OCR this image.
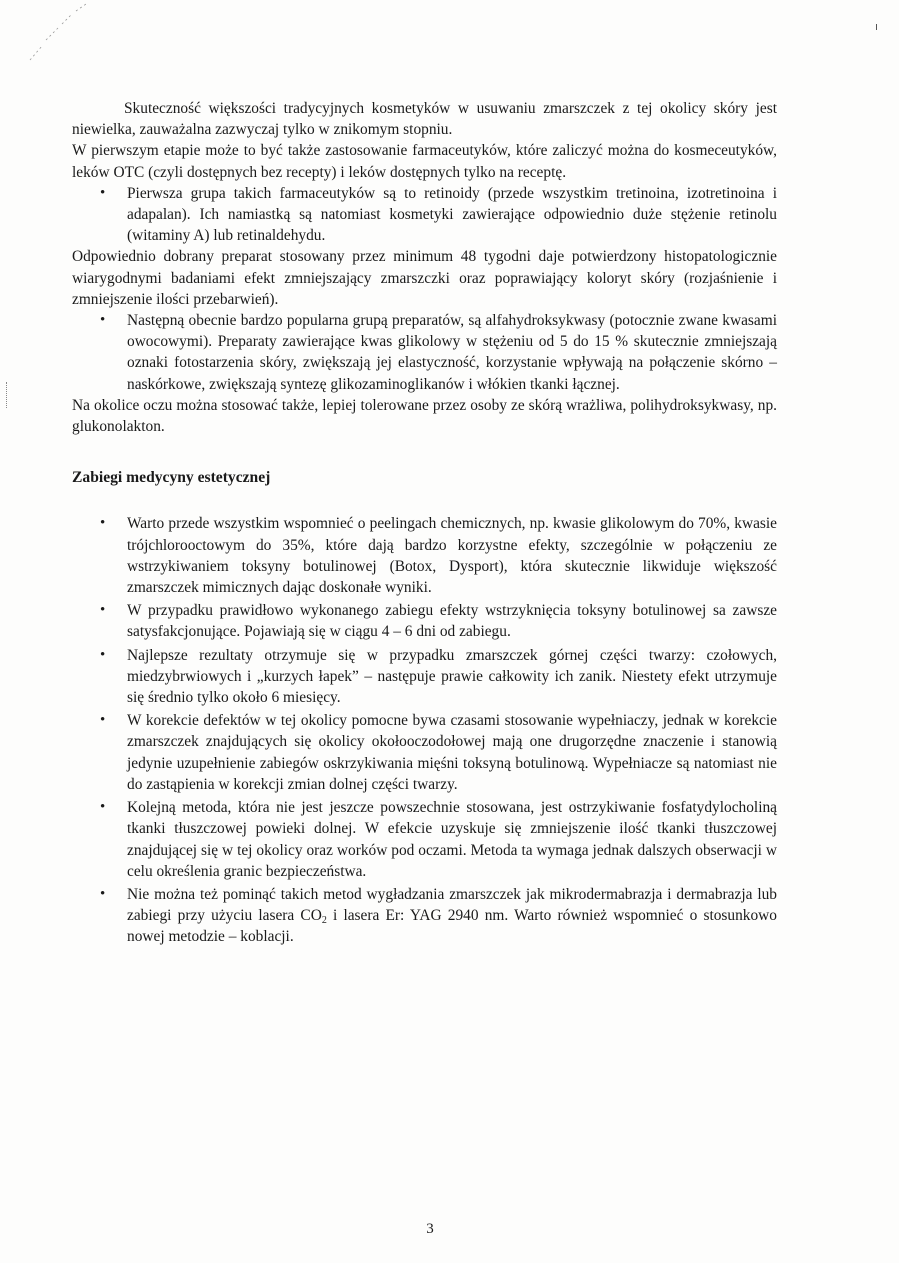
Skuteczność większości tradycyjnych kosmetyków w usuwaniu zmarszczek z tej okolicy skóry jest niewielka, zauważalna zazwyczaj tylko w znikomym stopniu.

W pierwszym etapie może to być także zastosowanie farmaceutyków, które zaliczyć można do kosmeceutyków, leków OTC (czyli dostępnych bez recepty) i leków dostępnych tylko na receptę.

• Pierwsza grupa takich farmaceutyków są to retinoidy (przede wszystkim tretinoina, izotretinoina i adapalan). Ich namiastką są natomiast kosmetyki zawierające odpowiednio duże stężenie retinolu (witaminy A) lub retinaldehydu.

Odpowiednio dobrany preparat stosowany przez minimum 48 tygodni daje potwierdzony histopatologicznie wiarygodnymi badaniami efekt zmniejszający zmarszczki oraz poprawiający koloryt skóry (rozjaśnienie i zmniejszenie ilości przebarwień).

• Następną obecnie bardzo popularna grupą preparatów, są alfahydroksykwasy (potocznie zwane kwasami owocowymi). Preparaty zawierające kwas glikolowy w stężeniu od 5 do 15 % skutecznie zmniejszają oznaki fotostarzenia skóry, zwiększają jej elastyczność, korzystanie wpływają na połączenie skórno – naskórkowe, zwiększają syntezę glikozaminoglikanów i włókien tkanki łącznej.

Na okolice oczu można stosować także, lepiej tolerowane przez osoby ze skórą wrażliwa, polihydroksykwasy, np. glukonolakton.

Zabiegi medycyny estetycznej
• Warto przede wszystkim wspomnieć o peelingach chemicznych, np. kwasie glikolowym do 70%, kwasie trójchlorooctowym do 35%, które dają bardzo korzystne efekty, szczególnie w połączeniu ze wstrzykiwaniem toksyny botulinowej (Botox, Dysport), która skutecznie likwiduje większość zmarszczek mimicznych dając doskonałe wyniki.
• W przypadku prawidłowo wykonanego zabiegu efekty wstrzyknięcia toksyny botulinowej sa zawsze satysfakcjonujące. Pojawiają się w ciągu 4 – 6 dni od zabiegu.
• Najlepsze rezultaty otrzymuje się w przypadku zmarszczek górnej części twarzy: czołowych, miedzybrwiowych i „kurzych łapek” – następuje prawie całkowity ich zanik. Niestety efekt utrzymuje się średnio tylko około 6 miesięcy.
• W korekcie defektów w tej okolicy pomocne bywa czasami stosowanie wypełniaczy, jednak w korekcie zmarszczek znajdujących się okolicy okołooczodołowej mają one drugorzędne znaczenie i stanowią jedynie uzupełnienie zabiegów oskrzykiwania mięśni toksyną botulinową. Wypełniacze są natomiast nie do zastąpienia w korekcji zmian dolnej części twarzy.
• Kolejną metoda, która nie jest jeszcze powszechnie stosowana, jest ostrzykiwanie fosfatydylocholiną tkanki tłuszczowej powieki dolnej. W efekcie uzyskuje się zmniejszenie ilość tkanki tłuszczowej znajdującej się w tej okolicy oraz worków pod oczami. Metoda ta wymaga jednak dalszych obserwacji w celu określenia granic bezpieczeństwa.
• Nie można też pominąć takich metod wygładzania zmarszczek jak mikrodermabrazja i dermabrazja lub zabiegi przy użyciu lasera $CO_2$ i lasera Er: YAG 2940 nm. Warto również wspomnieć o stosunkowo nowej metodzie – koblacji.
3
